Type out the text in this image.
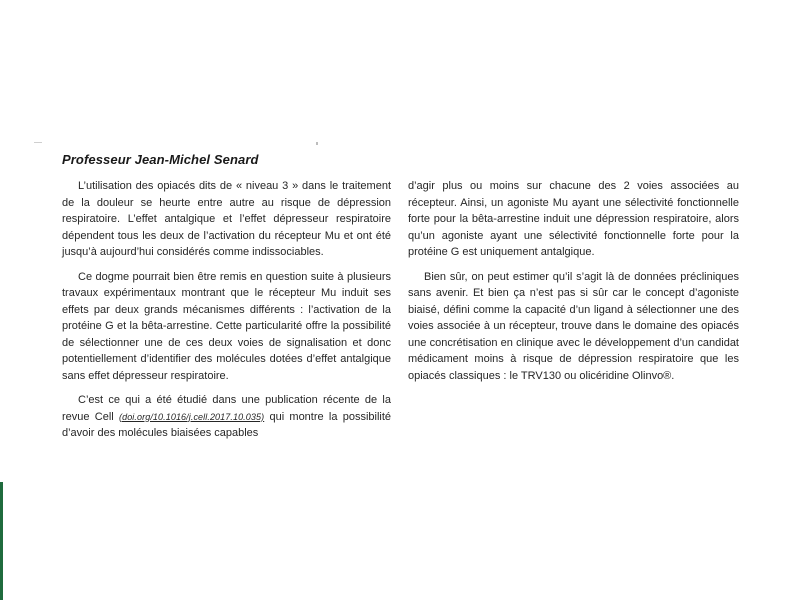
Professeur Jean-Michel Senard

L’utilisation des opiacés dits de « niveau 3 » dans le traitement de la douleur se heurte entre autre au risque de dépression respiratoire. L’effet antalgique et l’effet dépresseur respiratoire dépendent tous les deux de l’activation du récepteur Mu et ont été jusqu’à aujourd’hui considérés comme indissociables.

Ce dogme pourrait bien être remis en question suite à plusieurs travaux expérimentaux montrant que le récepteur Mu induit ses effets par deux grands mécanismes différents : l’activation de la protéine G et la bêta-arrestine. Cette particularité offre la possibilité de sélectionner une de ces deux voies de signalisation et donc potentiellement d’identifier des molécules dotées d’effet antalgique sans effet dépresseur respiratoire.

C’est ce qui a été étudié dans une publication récente de la revue Cell (doi.org/10.1016/j.cell.2017.10.035) qui montre la possibilité d’avoir des molécules biaisées capables

d’agir plus ou moins sur chacune des 2 voies associées au récepteur. Ainsi, un agoniste Mu ayant une sélectivité fonctionnelle forte pour la bêta-arrestine induit une dépression respiratoire, alors qu’un agoniste ayant une sélectivité fonctionnelle forte pour la protéine G est uniquement antalgique.

Bien sûr, on peut estimer qu’il s’agit là de données précliniques sans avenir. Et bien ça n’est pas si sûr car le concept d’agoniste biaisé, défini comme la capacité d’un ligand à sélectionner une des voies associée à un récepteur, trouve dans le domaine des opiacés une concrétisation en clinique avec le développement d’un candidat médicament moins à risque de dépression respiratoire que les opiacés classiques : le TRV130 ou olicéridine Olinvo®.
